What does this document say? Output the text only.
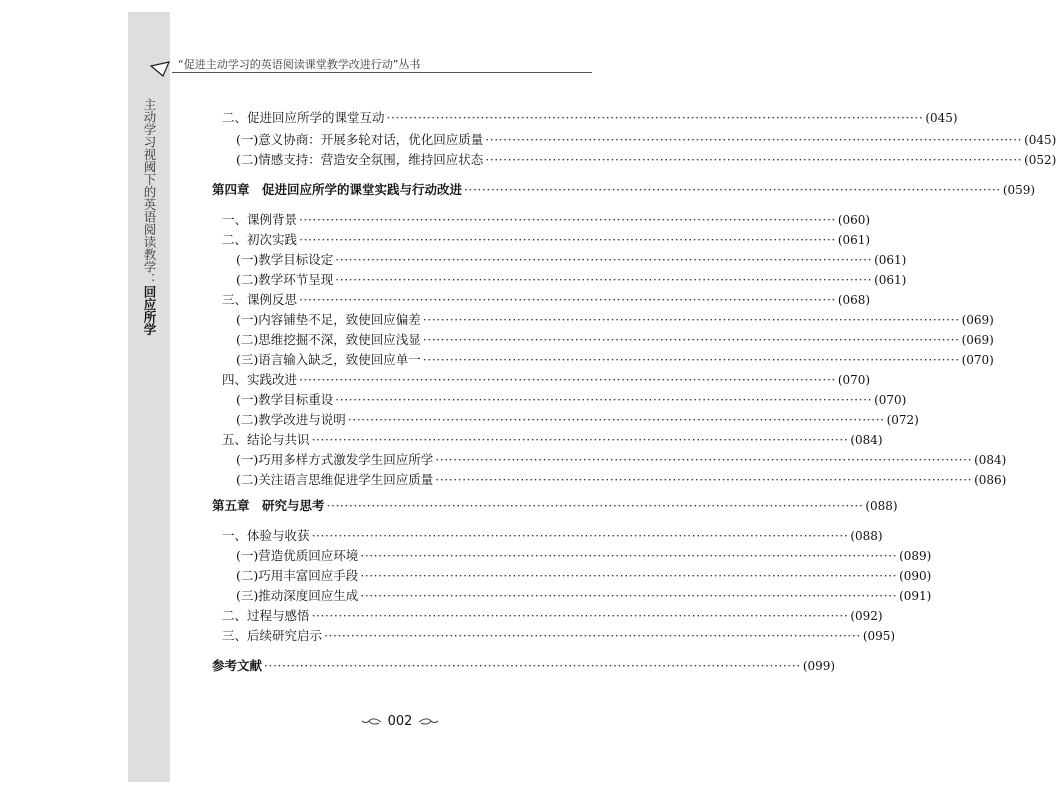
主动学习视阈下的英语阅读教学：回应所学
“促进主动学习的英语阅读课堂教学改进行动”丛书
二、促进回应所学的课堂互动 ························································································································ (045)
(一)意义协商：开展多轮对话，优化回应质量 ························································································································ (045)
(二)情感支持：营造安全氛围，维持回应状态 ························································································································ (052)
第四章　促进回应所学的课堂实践与行动改进 ························································································································ (059)
一、课例背景 ························································································································ (060)
二、初次实践 ························································································································ (061)
(一)教学目标设定 ························································································································ (061)
(二)教学环节呈现 ························································································································ (061)
三、课例反思 ························································································································ (068)
(一)内容铺垫不足，致使回应偏差 ························································································································ (069)
(二)思维挖掘不深，致使回应浅显 ························································································································ (069)
(三)语言输入缺乏，致使回应单一 ························································································································ (070)
四、实践改进 ························································································································ (070)
(一)教学目标重设 ························································································································ (070)
(二)教学改进与说明 ························································································································ (072)
五、结论与共识 ························································································································ (084)
(一)巧用多样方式激发学生回应所学 ························································································································ (084)
(二)关注语言思维促进学生回应质量 ························································································································ (086)
第五章　研究与思考 ························································································································ (088)
一、体验与收获 ························································································································ (088)
(一)营造优质回应环境 ························································································································ (089)
(二)巧用丰富回应手段 ························································································································ (090)
(三)推动深度回应生成 ························································································································ (091)
二、过程与感悟 ························································································································ (092)
三、后续研究启示 ························································································································ (095)
参考文献 ························································································································ (099)
002
